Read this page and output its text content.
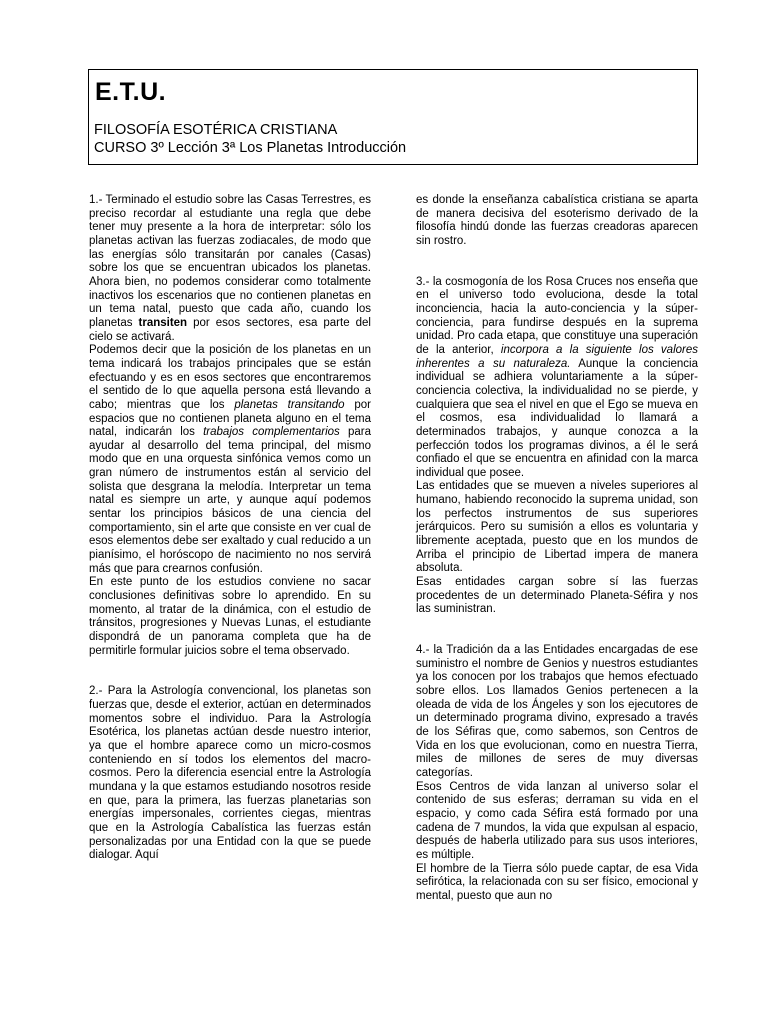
E.T.U.
FILOSOFÍA ESOTÉRICA CRISTIANA
CURSO 3º Lección 3ª Los Planetas Introducción

1.- Terminado el estudio sobre las Casas Terrestres, es preciso recordar al estudiante una regla que debe tener muy presente a la hora de interpretar: sólo los planetas activan las fuerzas zodiacales, de modo que las energías sólo transitarán por canales (Casas) sobre los que se encuentran ubicados los planetas. Ahora bien, no podemos considerar como totalmente inactivos los escenarios que no contienen planetas en un tema natal, puesto que cada año, cuando los planetas transiten por esos sectores, esa parte del cielo se activará.

Podemos decir que la posición de los planetas en un tema indicará los trabajos principales que se están efectuando y es en esos sectores que encontraremos el sentido de lo que aquella persona está llevando a cabo; mientras que los planetas transitando por espacios que no contienen planeta alguno en el tema natal, indicarán los trabajos complementarios para ayudar al desarrollo del tema principal, del mismo modo que en una orquesta sinfónica vemos como un gran número de instrumentos están al servicio del solista que desgrana la melodía. Interpretar un tema natal es siempre un arte, y aunque aquí podemos sentar los principios básicos de una ciencia del comportamiento, sin el arte que consiste en ver cual de esos elementos debe ser exaltado y cual reducido a un pianísimo, el horóscopo de nacimiento no nos servirá más que para crearnos confusión.

En este punto de los estudios conviene no sacar conclusiones definitivas sobre lo aprendido. En su momento, al tratar de la dinámica, con el estudio de tránsitos, progresiones y Nuevas Lunas, el estudiante dispondrá de un panorama completa que ha de permitirle formular juicios sobre el tema observado.

2.- Para la Astrología convencional, los planetas son fuerzas que, desde el exterior, actúan en determinados momentos sobre el individuo. Para la Astrología Esotérica, los planetas actúan desde nuestro interior, ya que el hombre aparece como un micro-cosmos conteniendo en sí todos los elementos del macro-cosmos. Pero la diferencia esencial entre la Astrología mundana y la que estamos estudiando nosotros reside en que, para la primera, las fuerzas planetarias son energías impersonales, corrientes ciegas, mientras que en la Astrología Cabalística las fuerzas están personalizadas por una Entidad con la que se puede dialogar. Aquí

es donde la enseñanza cabalística cristiana se aparta de manera decisiva del esoterismo derivado de la filosofía hindú donde las fuerzas creadoras aparecen sin rostro.

3.- la cosmogonía de los Rosa Cruces nos enseña que en el universo todo evoluciona, desde la total inconciencia, hacia la auto-conciencia y la súper-conciencia, para fundirse después en la suprema unidad. Pro cada etapa, que constituye una superación de la anterior, incorpora a la siguiente los valores inherentes a su naturaleza. Aunque la conciencia individual se adhiera voluntariamente a la súper-conciencia colectiva, la individualidad no se pierde, y cualquiera que sea el nivel en que el Ego se mueva en el cosmos, esa individualidad lo llamará a determinados trabajos, y aunque conozca a la perfección todos los programas divinos, a él le será confiado el que se encuentra en afinidad con la marca individual que posee.

Las entidades que se mueven a niveles superiores al humano, habiendo reconocido la suprema unidad, son los perfectos instrumentos de sus superiores jerárquicos. Pero su sumisión a ellos es voluntaria y libremente aceptada, puesto que en los mundos de Arriba el principio de Libertad impera de manera absoluta.

Esas entidades cargan sobre sí las fuerzas procedentes de un determinado Planeta-Séfira y nos las suministran.

4.- la Tradición da a las Entidades encargadas de ese suministro el nombre de Genios y nuestros estudiantes ya los conocen por los trabajos que hemos efectuado sobre ellos. Los llamados Genios pertenecen a la oleada de vida de los Ángeles y son los ejecutores de un determinado programa divino, expresado a través de los Séfiras que, como sabemos, son Centros de Vida en los que evolucionan, como en nuestra Tierra, miles de millones de seres de muy diversas categorías.

Esos Centros de vida lanzan al universo solar el contenido de sus esferas; derraman su vida en el espacio, y como cada Séfira está formado por una cadena de 7 mundos, la vida que expulsan al espacio, después de haberla utilizado para sus usos interiores, es múltiple.

El hombre de la Tierra sólo puede captar, de esa Vida sefirótica, la relacionada con su ser físico, emocional y mental, puesto que aun no
